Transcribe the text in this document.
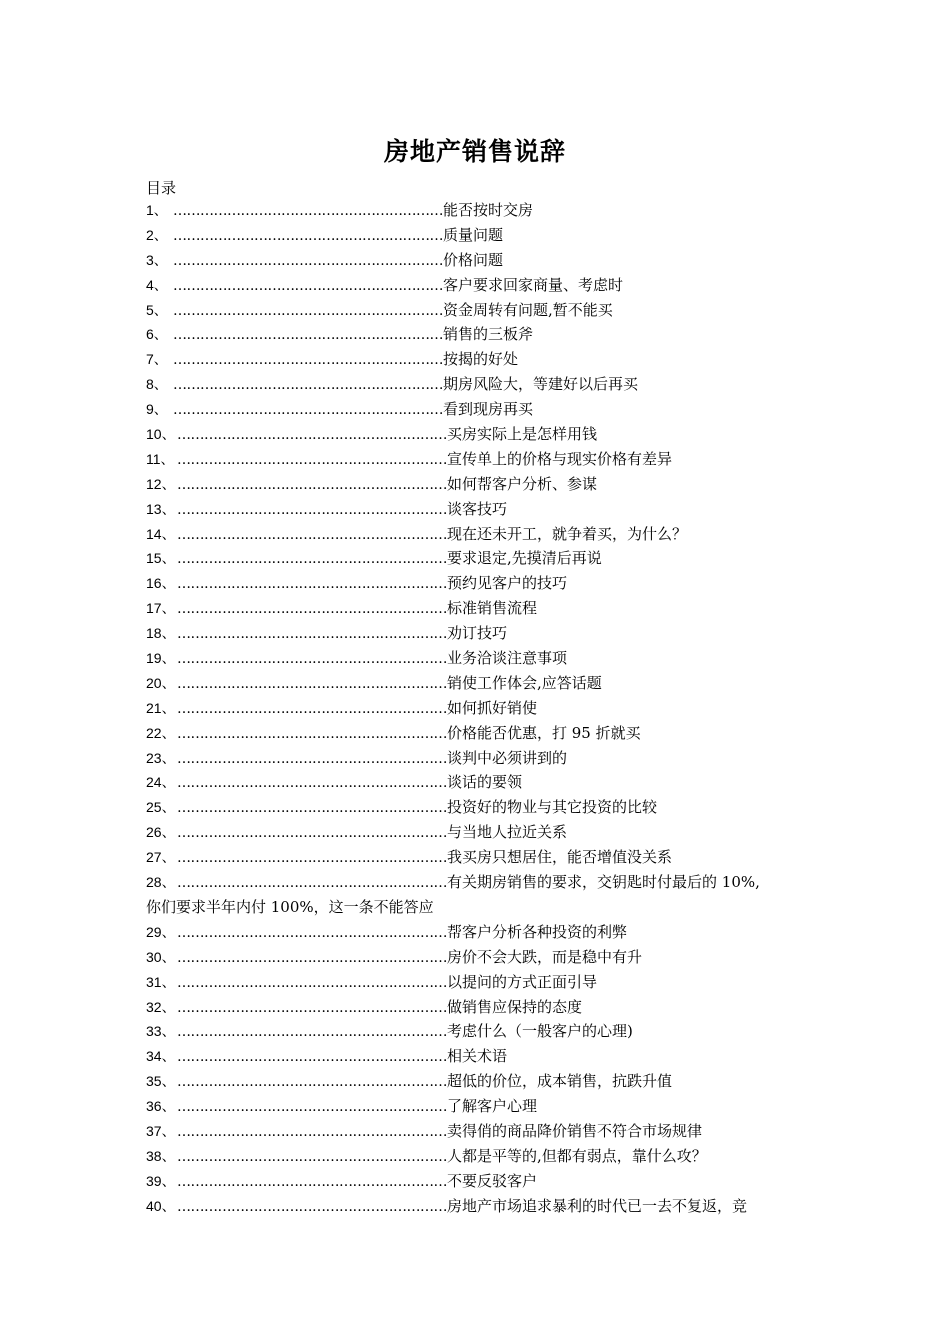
房地产销售说辞
目录
1、 ……………………………………………………能否按时交房
2、 ……………………………………………………质量问题
3、 ……………………………………………………价格问题
4、 ……………………………………………………客户要求回家商量、考虑时
5、 ……………………………………………………资金周转有问题,暂不能买
6、 ……………………………………………………销售的三板斧
7、 ……………………………………………………按揭的好处
8、 ……………………………………………………期房风险大，等建好以后再买
9、 ……………………………………………………看到现房再买
10、……………………………………………………买房实际上是怎样用钱
11、 ……………………………………………………宣传单上的价格与现实价格有差异
12、……………………………………………………如何帮客户分析、参谋
13、……………………………………………………谈客技巧
14、……………………………………………………现在还未开工，就争着买，为什么？
15、……………………………………………………要求退定,先摸清后再说
16、……………………………………………………预约见客户的技巧
17、……………………………………………………标准销售流程
18、……………………………………………………劝订技巧
19、……………………………………………………业务洽谈注意事项
20、……………………………………………………销使工作体会,应答话题
21、……………………………………………………如何抓好销使
22、……………………………………………………价格能否优惠，打 95 折就买
23、……………………………………………………谈判中必须讲到的
24、……………………………………………………谈话的要领
25、……………………………………………………投资好的物业与其它投资的比较
26、……………………………………………………与当地人拉近关系
27、……………………………………………………我买房只想居住，能否增值没关系
28、……………………………………………………有关期房销售的要求，交钥匙时付最后的 10%,
你们要求半年内付 100%，这一条不能答应
29、……………………………………………………帮客户分析各种投资的利弊
30、……………………………………………………房价不会大跌，而是稳中有升
31、……………………………………………………以提问的方式正面引导
32、……………………………………………………做销售应保持的态度
33、……………………………………………………考虑什么（一般客户的心理)
34、……………………………………………………相关术语
35、……………………………………………………超低的价位，成本销售，抗跌升值
36、……………………………………………………了解客户心理
37、……………………………………………………卖得俏的商品降价销售不符合市场规律
38、……………………………………………………人都是平等的,但都有弱点，靠什么攻？
39、……………………………………………………不要反驳客户
40、……………………………………………………房地产市场追求暴利的时代已一去不复返，竞
